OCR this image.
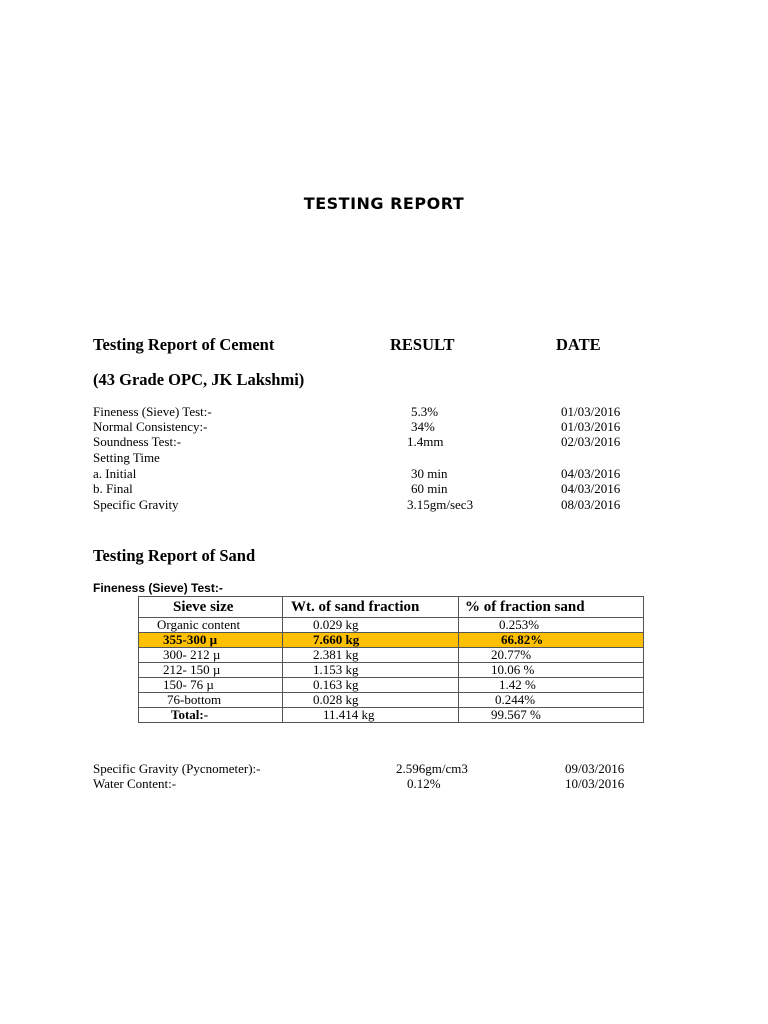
TESTING REPORT
Testing Report of Cement	RESULT	DATE
(43 Grade OPC, JK Lakshmi)
Fineness (Sieve) Test:-	5.3%	01/03/2016
Normal Consistency:-	34%	01/03/2016
Soundness Test:-	1.4mm	02/03/2016
Setting Time
a. Initial	30 min	04/03/2016
b. Final	60 min	04/03/2016
Specific Gravity	3.15gm/sec3	08/03/2016
Testing Report of Sand
Fineness (Sieve) Test:-
Sieve size	Wt. of sand fraction	% of fraction sand
Organic content	0.029 kg	0.253%
355-300 µ	7.660 kg	66.82%
300- 212 µ	2.381 kg	20.77%
212- 150 µ	1.153 kg	10.06 %
150- 76 µ	0.163 kg	1.42 %
76-bottom	0.028 kg	0.244%
Total:-	11.414 kg	99.567 %
Specific Gravity (Pycnometer):-	2.596gm/cm3	09/03/2016
Water Content:-	0.12%	10/03/2016
